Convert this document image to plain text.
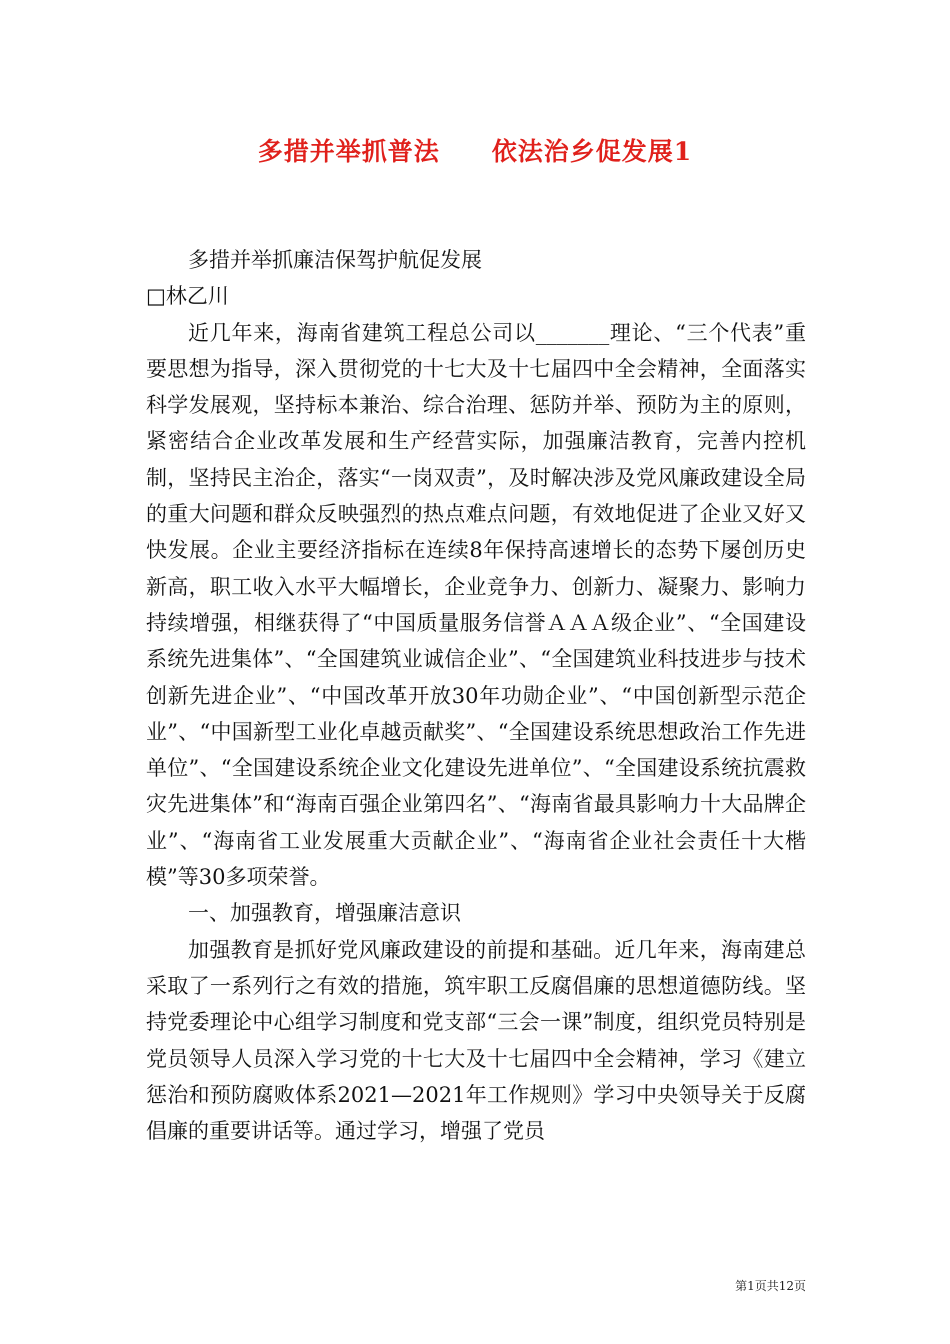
多措并举抓普法　　依法治乡促发展1

多措并举抓廉洁保驾护航促发展

□林乙川

近几年来，海南省建筑工程总公司以_______理论、“三个代表”重要思想为指导，深入贯彻党的十七大及十七届四中全会精神，全面落实科学发展观，坚持标本兼治、综合治理、惩防并举、预防为主的原则，紧密结合企业改革发展和生产经营实际，加强廉洁教育，完善内控机制，坚持民主治企，落实“一岗双责”，及时解决涉及党风廉政建设全局的重大问题和群众反映强烈的热点难点问题，有效地促进了企业又好又快发展。企业主要经济指标在连续8年保持高速增长的态势下屡创历史新高，职工收入水平大幅增长，企业竞争力、创新力、凝聚力、影响力持续增强，相继获得了“中国质量服务信誉ＡＡＡ级企业”、“全国建设系统先进集体”、“全国建筑业诚信企业”、“全国建筑业科技进步与技术创新先进企业”、“中国改革开放30年功勋企业”、“中国创新型示范企业”、“中国新型工业化卓越贡献奖”、“全国建设系统思想政治工作先进单位”、“全国建设系统企业文化建设先进单位”、“全国建设系统抗震救灾先进集体”和“海南百强企业第四名”、“海南省最具影响力十大品牌企业”、“海南省工业发展重大贡献企业”、“海南省企业社会责任十大楷模”等30多项荣誉。

一、加强教育，增强廉洁意识

加强教育是抓好党风廉政建设的前提和基础。近几年来，海南建总采取了一系列行之有效的措施，筑牢职工反腐倡廉的思想道德防线。坚持党委理论中心组学习制度和党支部“三会一课”制度，组织党员特别是党员领导人员深入学习党的十七大及十七届四中全会精神，学习《建立惩治和预防腐败体系2021—2021年工作规则》学习中央领导关于反腐倡廉的重要讲话等。通过学习，增强了党员

第1页共12页
